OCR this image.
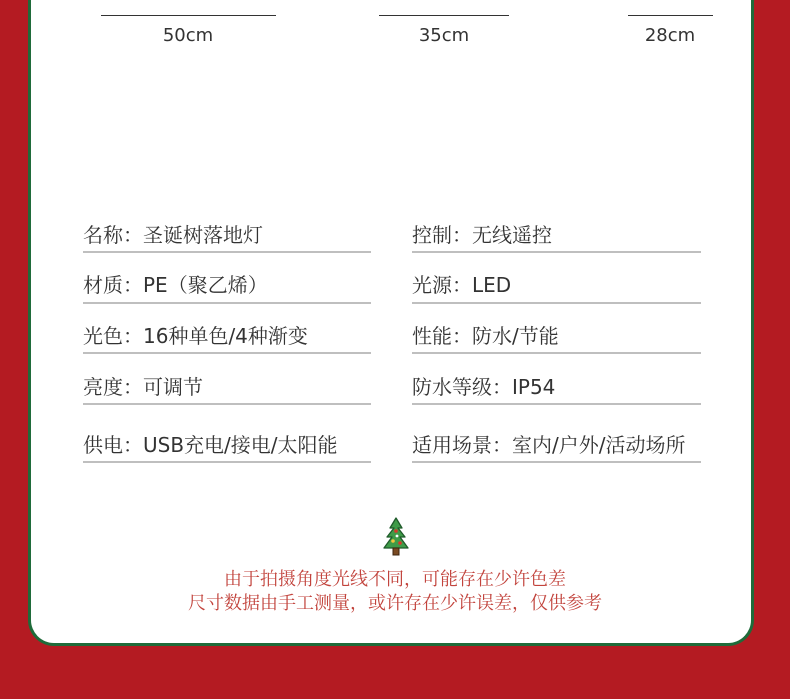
50cm	35cm	28cm
名称：圣诞树落地灯
材质：PE（聚乙烯）
光色：16种单色/4种渐变
亮度：可调节
供电：USB充电/接电/太阳能
控制：无线遥控
光源：LED
性能：防水/节能
防水等级：IP54
适用场景：室内/户外/活动场所
由于拍摄角度光线不同，可能存在少许色差
尺寸数据由手工测量，或许存在少许误差，仅供参考
